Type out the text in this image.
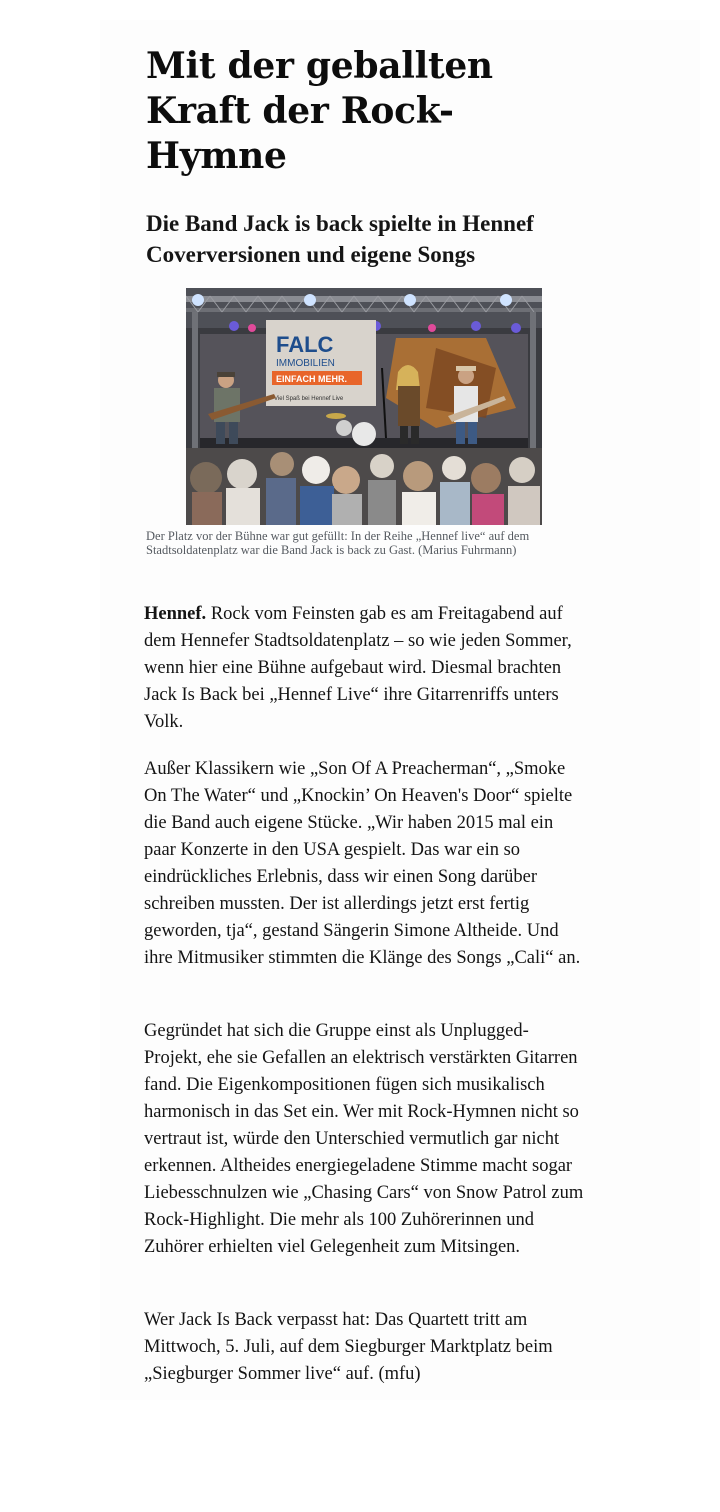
Mit der geballten Kraft der Rock-Hymne
Die Band Jack is back spielte in Hennef Coverversionen und eigene Songs
FALC
IMMOBILIEN
EINFACH MEHR.
Viel Spaß bei Hennef Live

Der Platz vor der Bühne war gut gefüllt: In der Reihe „Hennef live“ auf dem Stadtsoldatenplatz war die Band Jack is back zu Gast. (Marius Fuhrmann)

Hennef. Rock vom Feinsten gab es am Freitagabend auf dem Hennefer Stadtsoldatenplatz – so wie jeden Sommer, wenn hier eine Bühne aufgebaut wird. Diesmal brachten Jack Is Back bei „Hennef Live“ ihre Gitarrenriffs unters Volk.

Außer Klassikern wie „Son Of A Preacherman“, „Smoke On The Water“ und „Knockin’ On Heaven's Door“ spielte die Band auch eigene Stücke. „Wir haben 2015 mal ein paar Konzerte in den USA gespielt. Das war ein so eindrückliches Erlebnis, dass wir einen Song darüber schreiben mussten. Der ist allerdings jetzt erst fertig geworden, tja“, gestand Sängerin Simone Altheide. Und ihre Mitmusiker stimmten die Klänge des Songs „Cali“ an.

Gegründet hat sich die Gruppe einst als Unplugged-Projekt, ehe sie Gefallen an elektrisch verstärkten Gitarren fand. Die Eigenkompositionen fügen sich musikalisch harmonisch in das Set ein. Wer mit Rock-Hymnen nicht so vertraut ist, würde den Unterschied vermutlich gar nicht erkennen. Altheides energiegeladene Stimme macht sogar Liebesschnulzen wie „Chasing Cars“ von Snow Patrol zum Rock-Highlight. Die mehr als 100 Zuhörerinnen und Zuhörer erhielten viel Gelegenheit zum Mitsingen.

Wer Jack Is Back verpasst hat: Das Quartett tritt am Mittwoch, 5. Juli, auf dem Siegburger Marktplatz beim „Siegburger Sommer live“ auf. (mfu)
